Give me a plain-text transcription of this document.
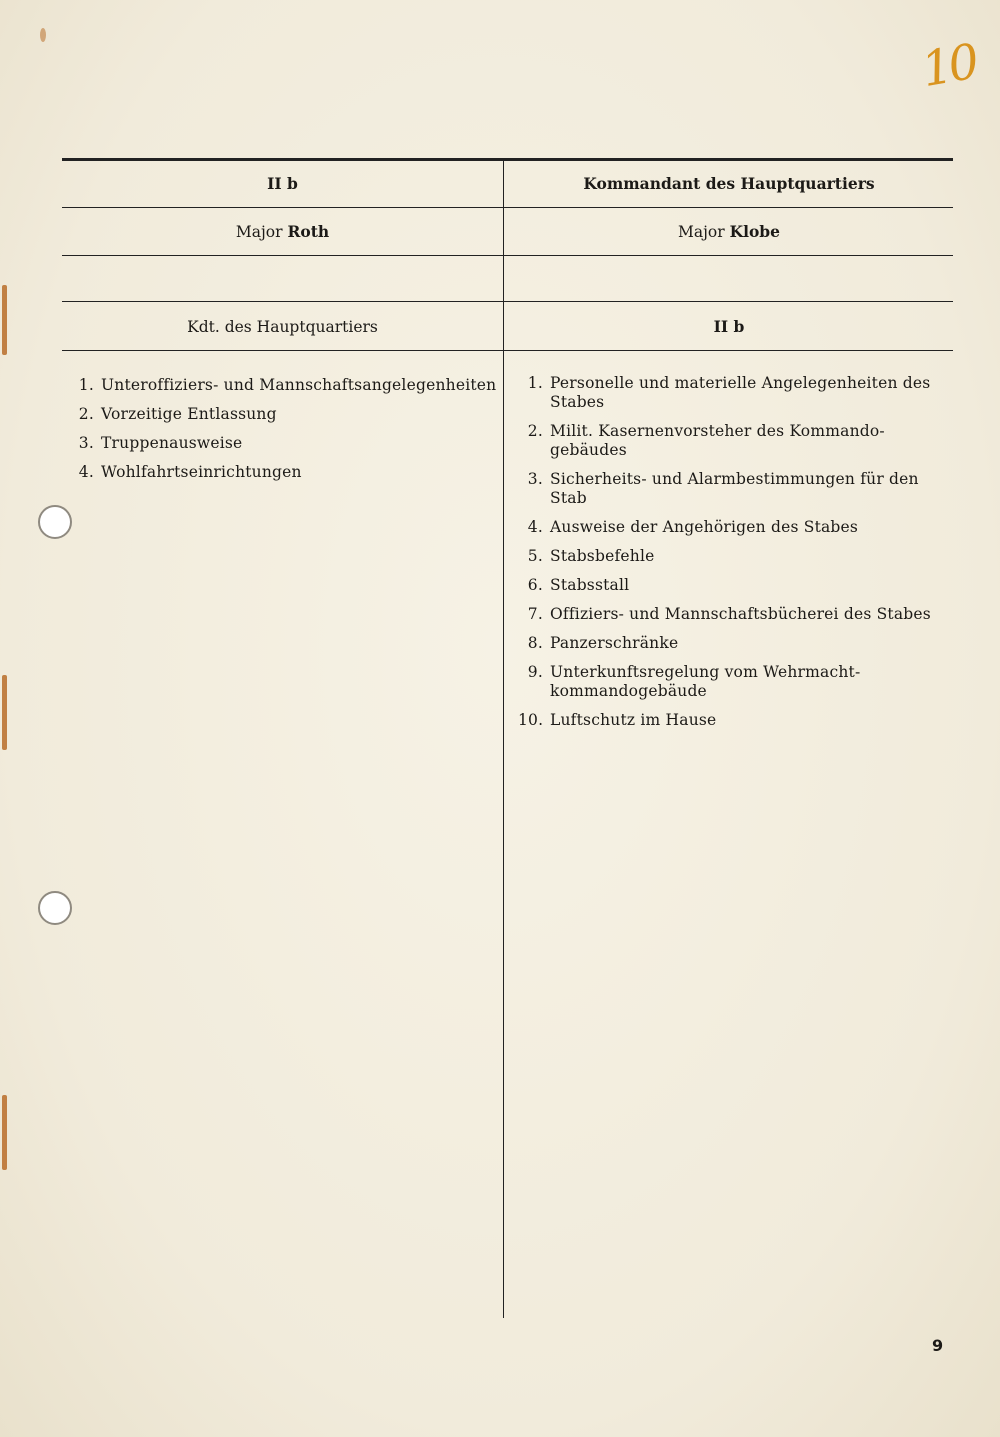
10
II b	Kommandant des Hauptquartiers
Major Roth	Major Klobe
Kdt. des Hauptquartiers	II b
1. Unteroffiziers- und Mannschaftsangelegenheiten
2. Vorzeitige Entlassung
3. Truppenausweise
4. Wohlfahrtseinrichtungen
1. Personelle und materielle Angelegenheiten des Stabes
2. Milit. Kasernenvorsteher des Kommando-gebäudes
3. Sicherheits- und Alarmbestimmungen für den Stab
4. Ausweise der Angehörigen des Stabes
5. Stabsbefehle
6. Stabsstall
7. Offiziers- und Mannschaftsbücherei des Stabes
8. Panzerschränke
9. Unterkunftsregelung vom Wehrmacht-kommandogebäude
10. Luftschutz im Hause
9
